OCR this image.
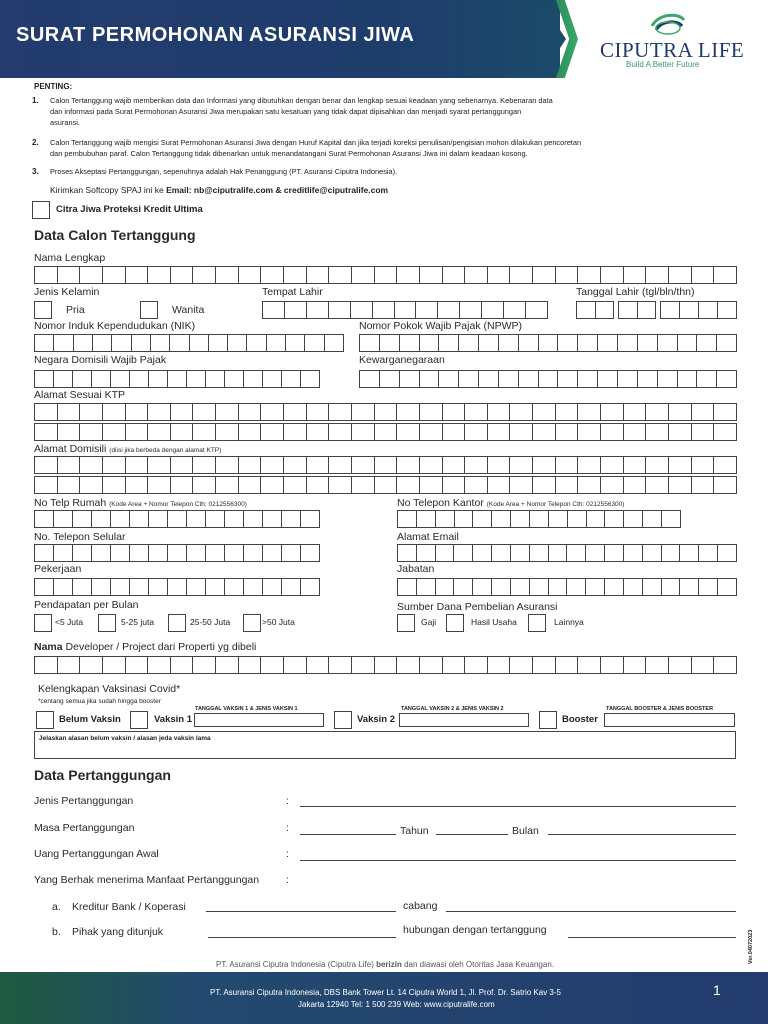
SURAT PERMOHONAN ASURANSI JIWA
CIPUTRA LIFE
Build A Better Future
PENTING:
1. Calon Tertanggung wajib memberikan data dan Informasi yang dibutuhkan dengan benar dan lengkap sesuai keadaan yang sebenarnya. Kebenaran data
dan informasi pada Surat Permohonan Asuransi Jiwa merupakan satu kesatuan yang tidak dapat dipisahkan dan menjadi syarat pertanggungan
asuransi.
2. Calon Tertanggung wajib mengisi Surat Permohonan Asuransi Jiwa dengan Huruf Kapital dan jika terjadi koreksi penulisan/pengisian mohon dilakukan pencoretan
dan pembubuhan paraf. Calon Tertanggung tidak dibenarkan untuk menandatangani Surat Permohonan Asuransi Jiwa ini dalam keadaan kosong.
3. Proses Akseptasi Pertanggungan, sepenuhnya adalah Hak Penanggung (PT. Asuransi Ciputra Indonesia).
Kirimkan Softcopy SPAJ ini ke Email: nb@ciputralife.com & creditlife@ciputralife.com
Citra Jiwa Proteksi Kredit Ultima
Data Calon Tertanggung
Nama Lengkap
Jenis Kelamin
Pria	Wanita
Tempat Lahir	Tanggal Lahir (tgl/bln/thn)
Nomor Induk Kependudukan (NIK)	Nomor Pokok Wajib Pajak (NPWP)
Negara Domisili Wajib Pajak	Kewarganegaraan
Alamat Sesuai KTP
Alamat Domisili (diisi jika berbeda dengan alamat KTP)
No Telp Rumah (Kode Area + Nomor Telepon Cth: 0212556300)	No Telepon Kantor (Kode Area + Nomor Telepon Cth: 0212556300)
No. Telepon Selular	Alamat Email
Pekerjaan	Jabatan
Pendapatan per Bulan
<5 Juta	5-25 juta	25-50 Juta	>50 Juta
Sumber Dana Pembelian Asuransi
Gaji	Hasil Usaha	Lainnya
Nama Developer / Project dari Properti yg dibeli
Kelengkapan Vaksinasi Covid*
*centang semua jika sudah hingga booster
Belum Vaksin	Vaksin 1
TANGGAL VAKSIN 1 & JENIS VAKSIN 1
Vaksin 2
TANGGAL VAKSIN 2 & JENIS VAKSIN 2
Booster
TANGGAL BOOSTER & JENIS BOOSTER
Jelaskan alasan belum vaksin / alasan jeda vaksin lama
Data Pertanggungan
Jenis Pertanggungan	:
Masa Pertanggungan	:	Tahun	Bulan
Uang Pertanggungan Awal	:
Yang Berhak menerima Manfaat Pertanggungan	:
a. Kreditur Bank / Koperasi	cabang
b. Pihak yang ditunjuk	hubungan dengan tertanggung
PT. Asuransi Ciputra Indonesia (Ciputra Life) berizin dan diawasi oleh Otoritas Jasa Keuangan.
Ver.04072023
PT. Asuransi Ciputra Indonesia, DBS Bank Tower Lt. 14 Ciputra World 1, Jl. Prof. Dr. Satrio Kav 3-5
Jakarta 12940 Tel: 1 500 239 Web: www.ciputralife.com
1
